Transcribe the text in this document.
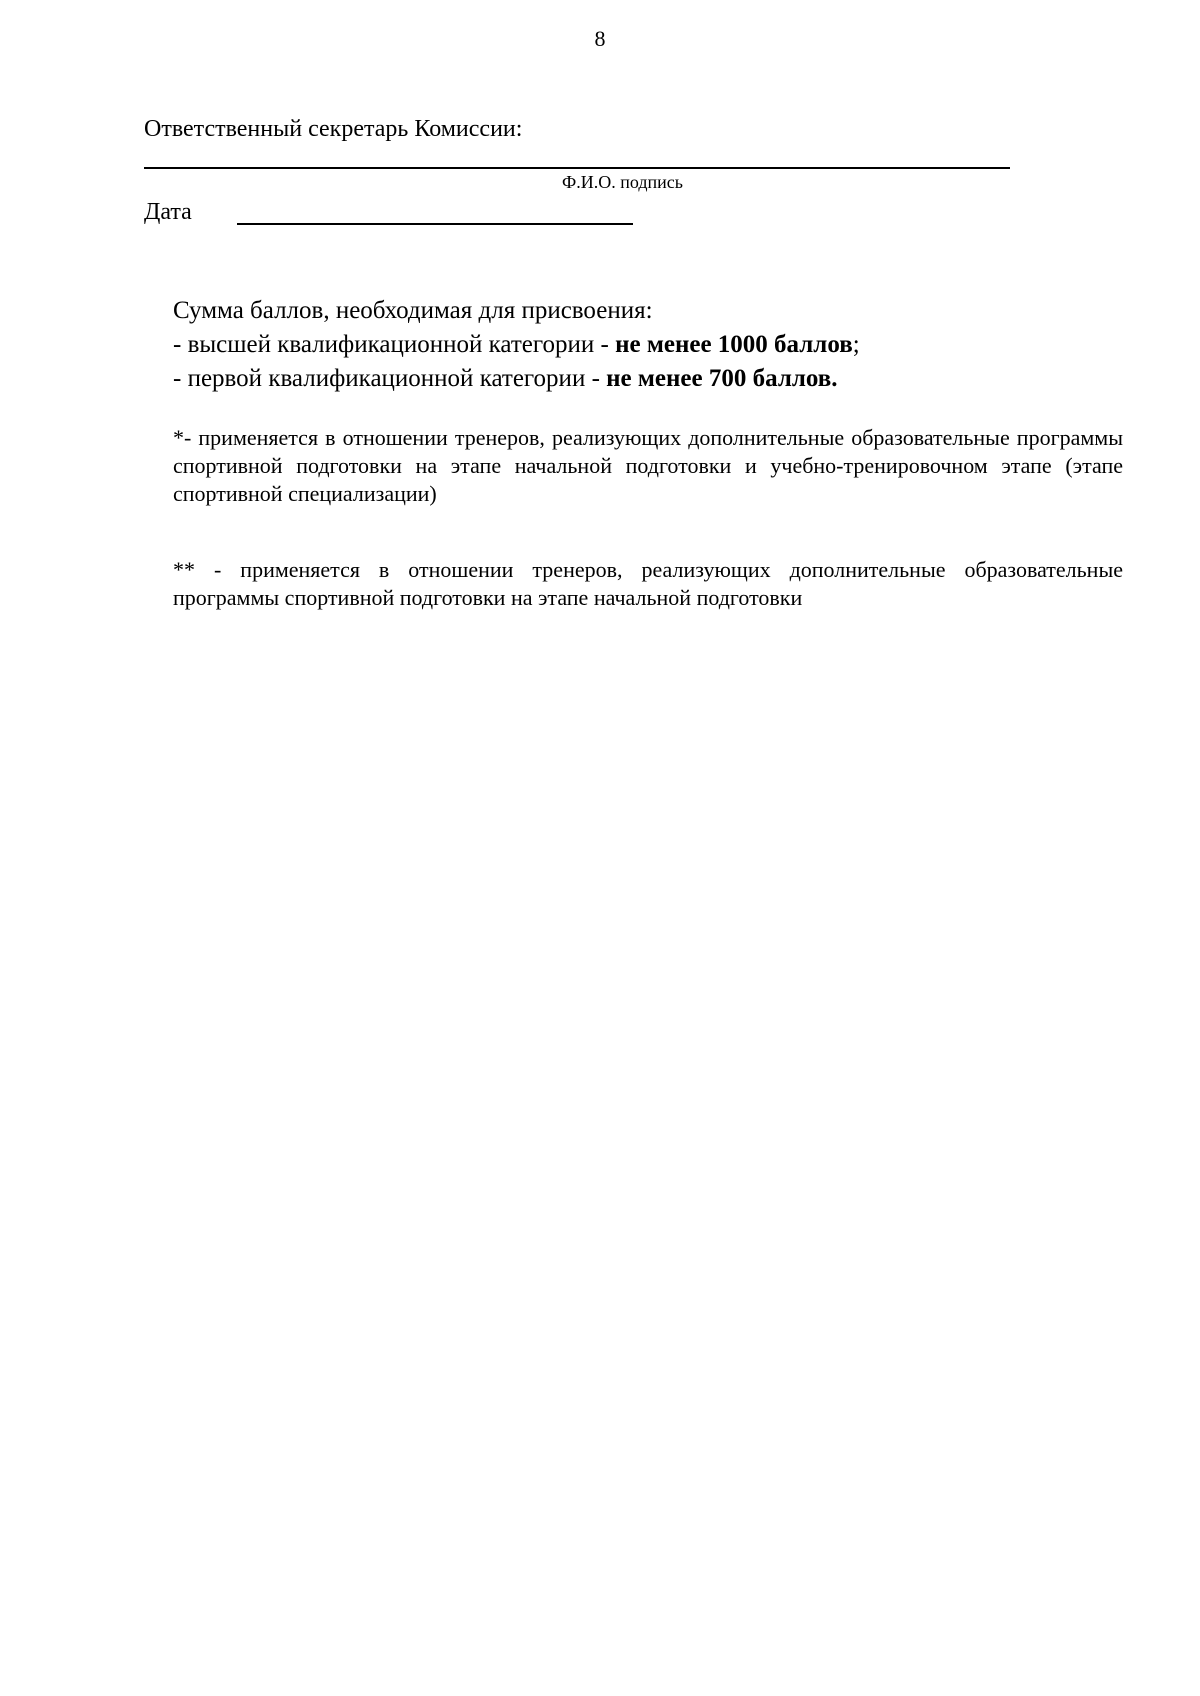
8
Ответственный секретарь Комиссии:
Ф.И.О. подпись
Дата

Сумма баллов, необходимая для присвоения:

- высшей квалификационной категории - не менее 1000 баллов;

- первой квалификационной категории - не менее 700 баллов.

*- применяется в отношении тренеров, реализующих дополнительные образовательные программы спортивной подготовки на этапе начальной подготовки и учебно-тренировочном этапе (этапе спортивной специализации)

** - применяется в отношении тренеров, реализующих дополнительные образовательные программы спортивной подготовки на этапе начальной подготовки
